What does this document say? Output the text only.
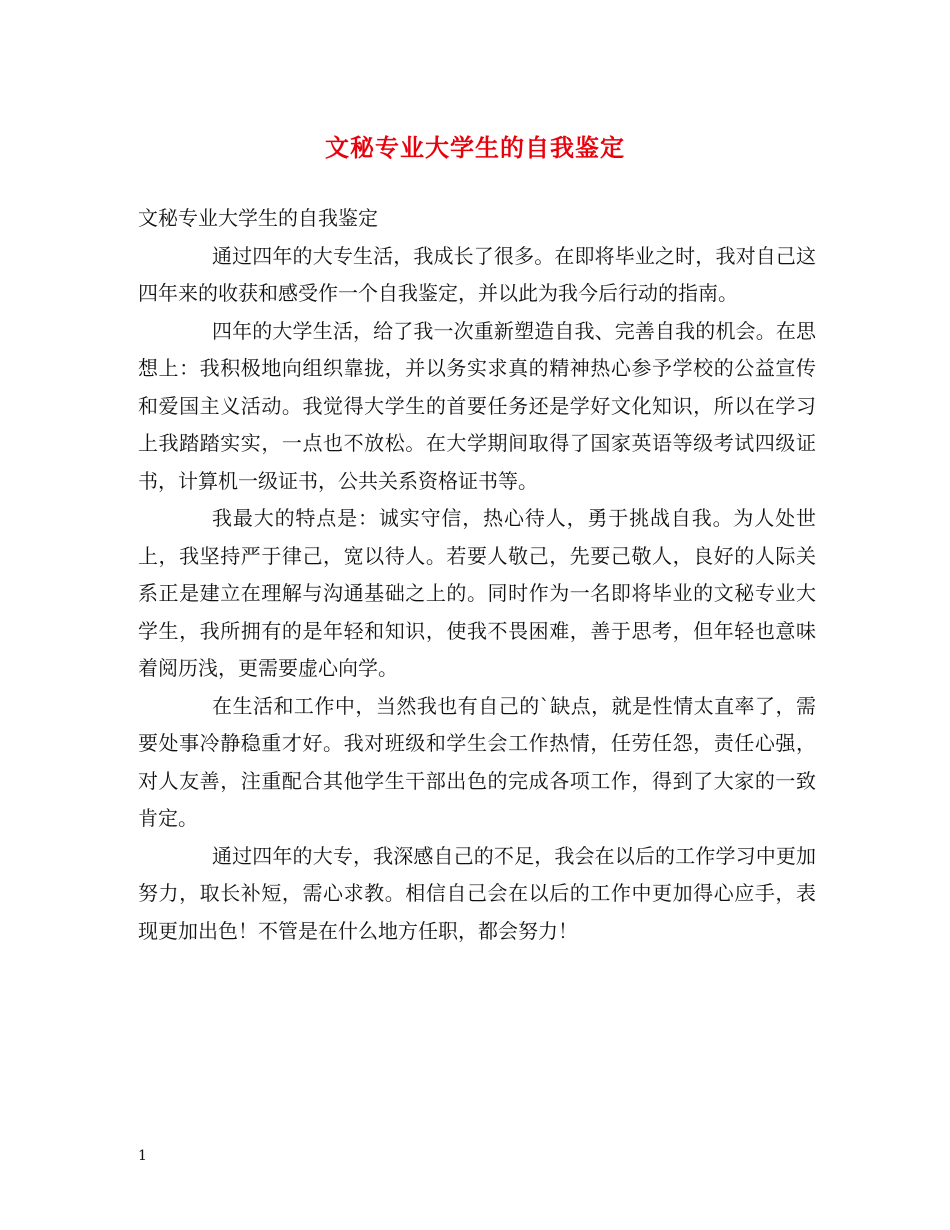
文秘专业大学生的自我鉴定

文秘专业大学生的自我鉴定

通过四年的大专生活，我成长了很多。在即将毕业之时，我对自己这四年来的收获和感受作一个自我鉴定，并以此为我今后行动的指南。

四年的大学生活，给了我一次重新塑造自我、完善自我的机会。在思想上：我积极地向组织靠拢，并以务实求真的精神热心参予学校的公益宣传和爱国主义活动。我觉得大学生的首要任务还是学好文化知识，所以在学习上我踏踏实实，一点也不放松。在大学期间取得了国家英语等级考试四级证书，计算机一级证书，公共关系资格证书等。

我最大的特点是：诚实守信，热心待人，勇于挑战自我。为人处世上，我坚持严于律己，宽以待人。若要人敬己，先要己敬人，良好的人际关系正是建立在理解与沟通基础之上的。同时作为一名即将毕业的文秘专业大学生，我所拥有的是年轻和知识，使我不畏困难，善于思考，但年轻也意味着阅历浅，更需要虚心向学。

在生活和工作中，当然我也有自己的`缺点，就是性情太直率了，需要处事冷静稳重才好。我对班级和学生会工作热情，任劳任怨，责任心强，对人友善，注重配合其他学生干部出色的完成各项工作，得到了大家的一致肯定。

通过四年的大专，我深感自己的不足，我会在以后的工作学习中更加努力，取长补短，需心求教。相信自己会在以后的工作中更加得心应手，表现更加出色！不管是在什么地方任职，都会努力！

1
